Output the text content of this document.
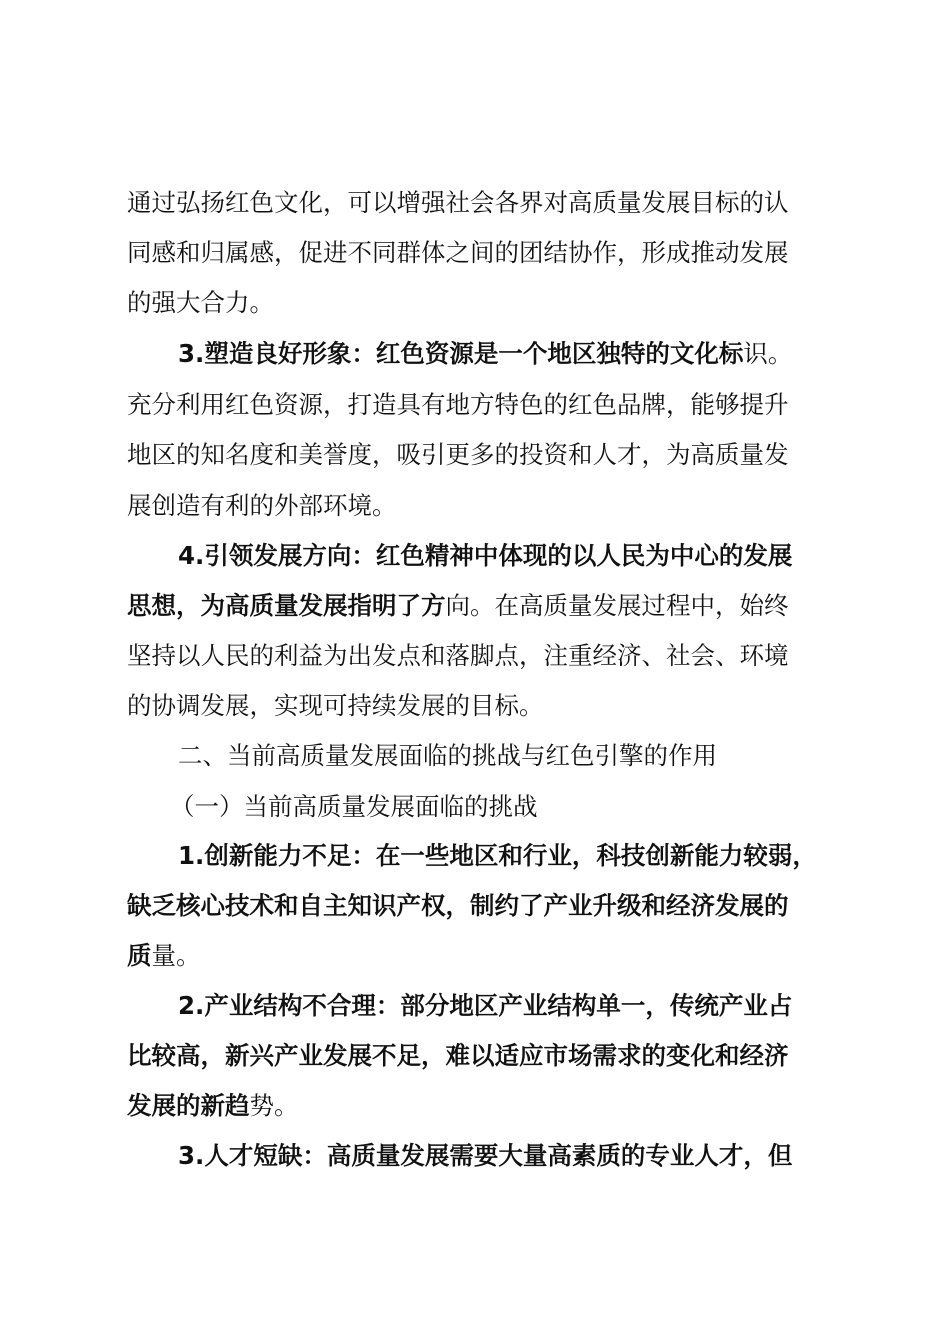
通过弘扬红色文化，可以增强社会各界对高质量发展目标的认
同感和归属感，促进不同群体之间的团结协作，形成推动发展
的强大合力。
3.塑造良好形象：红色资源是一个地区独特的文化标识。
充分利用红色资源，打造具有地方特色的红色品牌，能够提升
地区的知名度和美誉度，吸引更多的投资和人才，为高质量发
展创造有利的外部环境。
4.引领发展方向：红色精神中体现的以人民为中心的发展
思想，为高质量发展指明了方向。在高质量发展过程中，始终
坚持以人民的利益为出发点和落脚点，注重经济、社会、环境
的协调发展，实现可持续发展的目标。
二、当前高质量发展面临的挑战与红色引擎的作用
（一）当前高质量发展面临的挑战
1.创新能力不足：在一些地区和行业，科技创新能力较弱，
缺乏核心技术和自主知识产权，制约了产业升级和经济发展的
质量。
2.产业结构不合理：部分地区产业结构单一，传统产业占
比较高，新兴产业发展不足，难以适应市场需求的变化和经济
发展的新趋势。
3.人才短缺：高质量发展需要大量高素质的专业人才，但
